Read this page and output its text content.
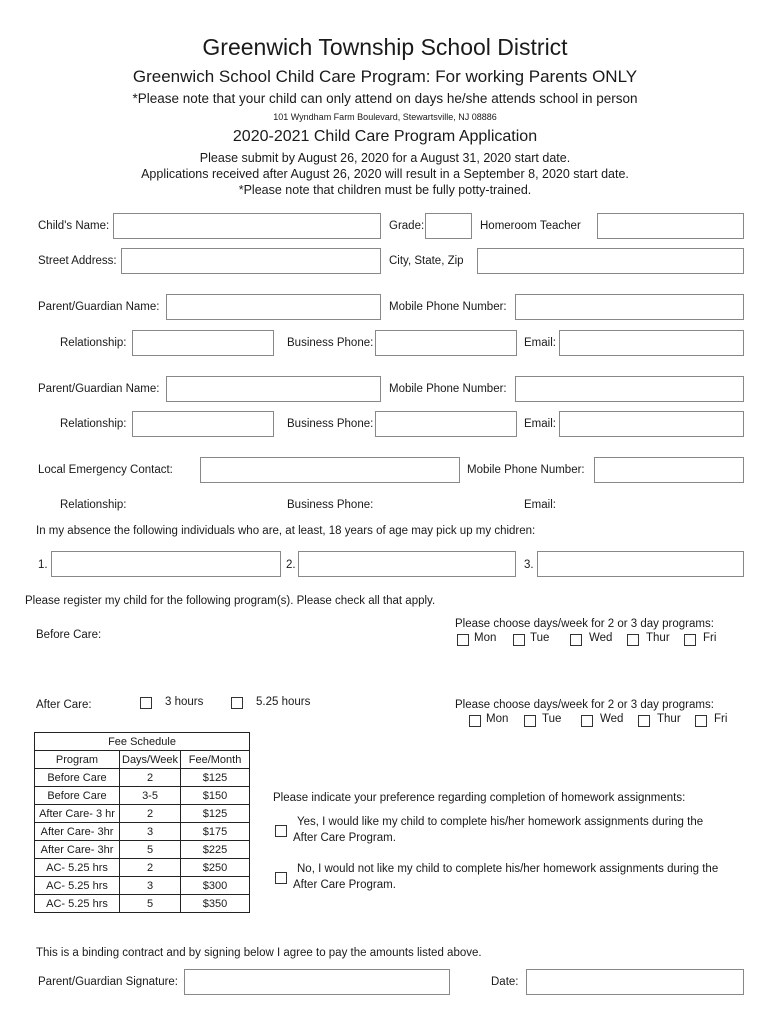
Greenwich Township School District
Greenwich School Child Care Program: For working Parents ONLY
*Please note that your child can only attend on days he/she attends school in person
101 Wyndham Farm Boulevard, Stewartsville, NJ 08886
2020-2021 Child Care Program Application
Please submit by August 26, 2020 for a August 31, 2020 start date.
Applications received after August 26, 2020 will result in a September 8, 2020 start date.
*Please note that children must be fully potty-trained.
Child's Name:	Grade:	Homeroom Teacher
Street Address:	City, State, Zip
Parent/Guardian Name:	Mobile Phone Number:
Relationship:	Business Phone:	Email:
Parent/Guardian Name:	Mobile Phone Number:
Relationship:	Business Phone:	Email:
Local Emergency Contact:	Mobile Phone Number:
Relationship:	Business Phone:	Email:
In my absence the following individuals who are, at least, 18 years of age may pick up my chidren:
1.	2.	3.
Please register my child for the following program(s). Please check all that apply.
Before Care:
Please choose days/week for 2 or 3 day programs:
Mon	Tue	Wed	Thur	Fri
After Care:	3 hours	5.25 hours	Please choose days/week for 2 or 3 day programs:
Mon	Tue	Wed	Thur	Fri
Fee Schedule		
Program	Days/Week	Fee/Month
Before Care	2	$125
Before Care	3-5	$150
After Care- 3 hr	2	$125
After Care- 3hr	3	$175
After Care- 3hr	5	$225
AC- 5.25 hrs	2	$250
AC- 5.25 hrs	3	$300
AC- 5.25 hrs	5	$350
Please indicate your preference regarding completion of homework assignments:
Yes, I would like my child to complete his/her homework assignments during the
After Care Program.
No, I would not like my child to complete his/her homework assignments during the
After Care Program.
This is a binding contract and by signing below I agree to pay the amounts listed above.
Parent/Guardian Signature:	Date:
